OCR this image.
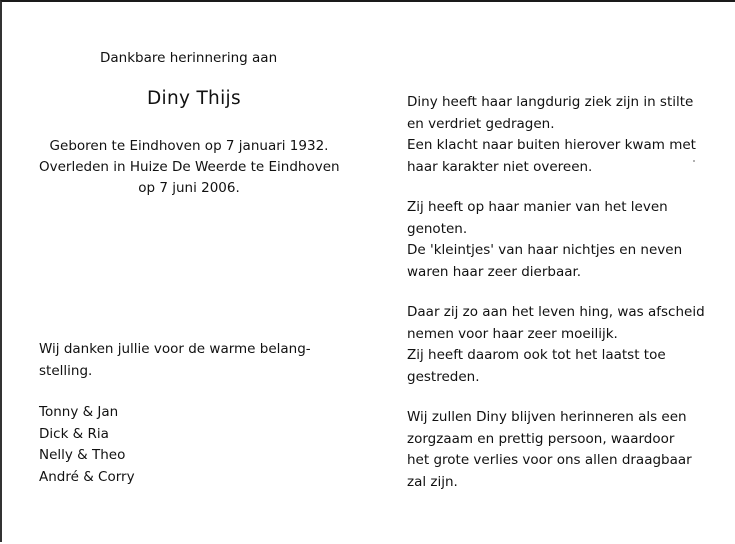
Dankbare herinnering aan
Diny Thijs
Geboren te Eindhoven op 7 januari 1932.
Overleden in Huize De Weerde te Eindhoven
op 7 juni 2006.
Wij danken jullie voor de warme belang-
stelling.
Tonny & Jan
Dick & Ria
Nelly & Theo
André & Corry
Diny heeft haar langdurig ziek zijn in stilte
en verdriet gedragen.
Een klacht naar buiten hierover kwam met
haar karakter niet overeen.
Zij heeft op haar manier van het leven
genoten.
De 'kleintjes' van haar nichtjes en neven
waren haar zeer dierbaar.
Daar zij zo aan het leven hing, was afscheid
nemen voor haar zeer moeilijk.
Zij heeft daarom ook tot het laatst toe
gestreden.
Wij zullen Diny blijven herinneren als een
zorgzaam en prettig persoon, waardoor
het grote verlies voor ons allen draagbaar
zal zijn.
